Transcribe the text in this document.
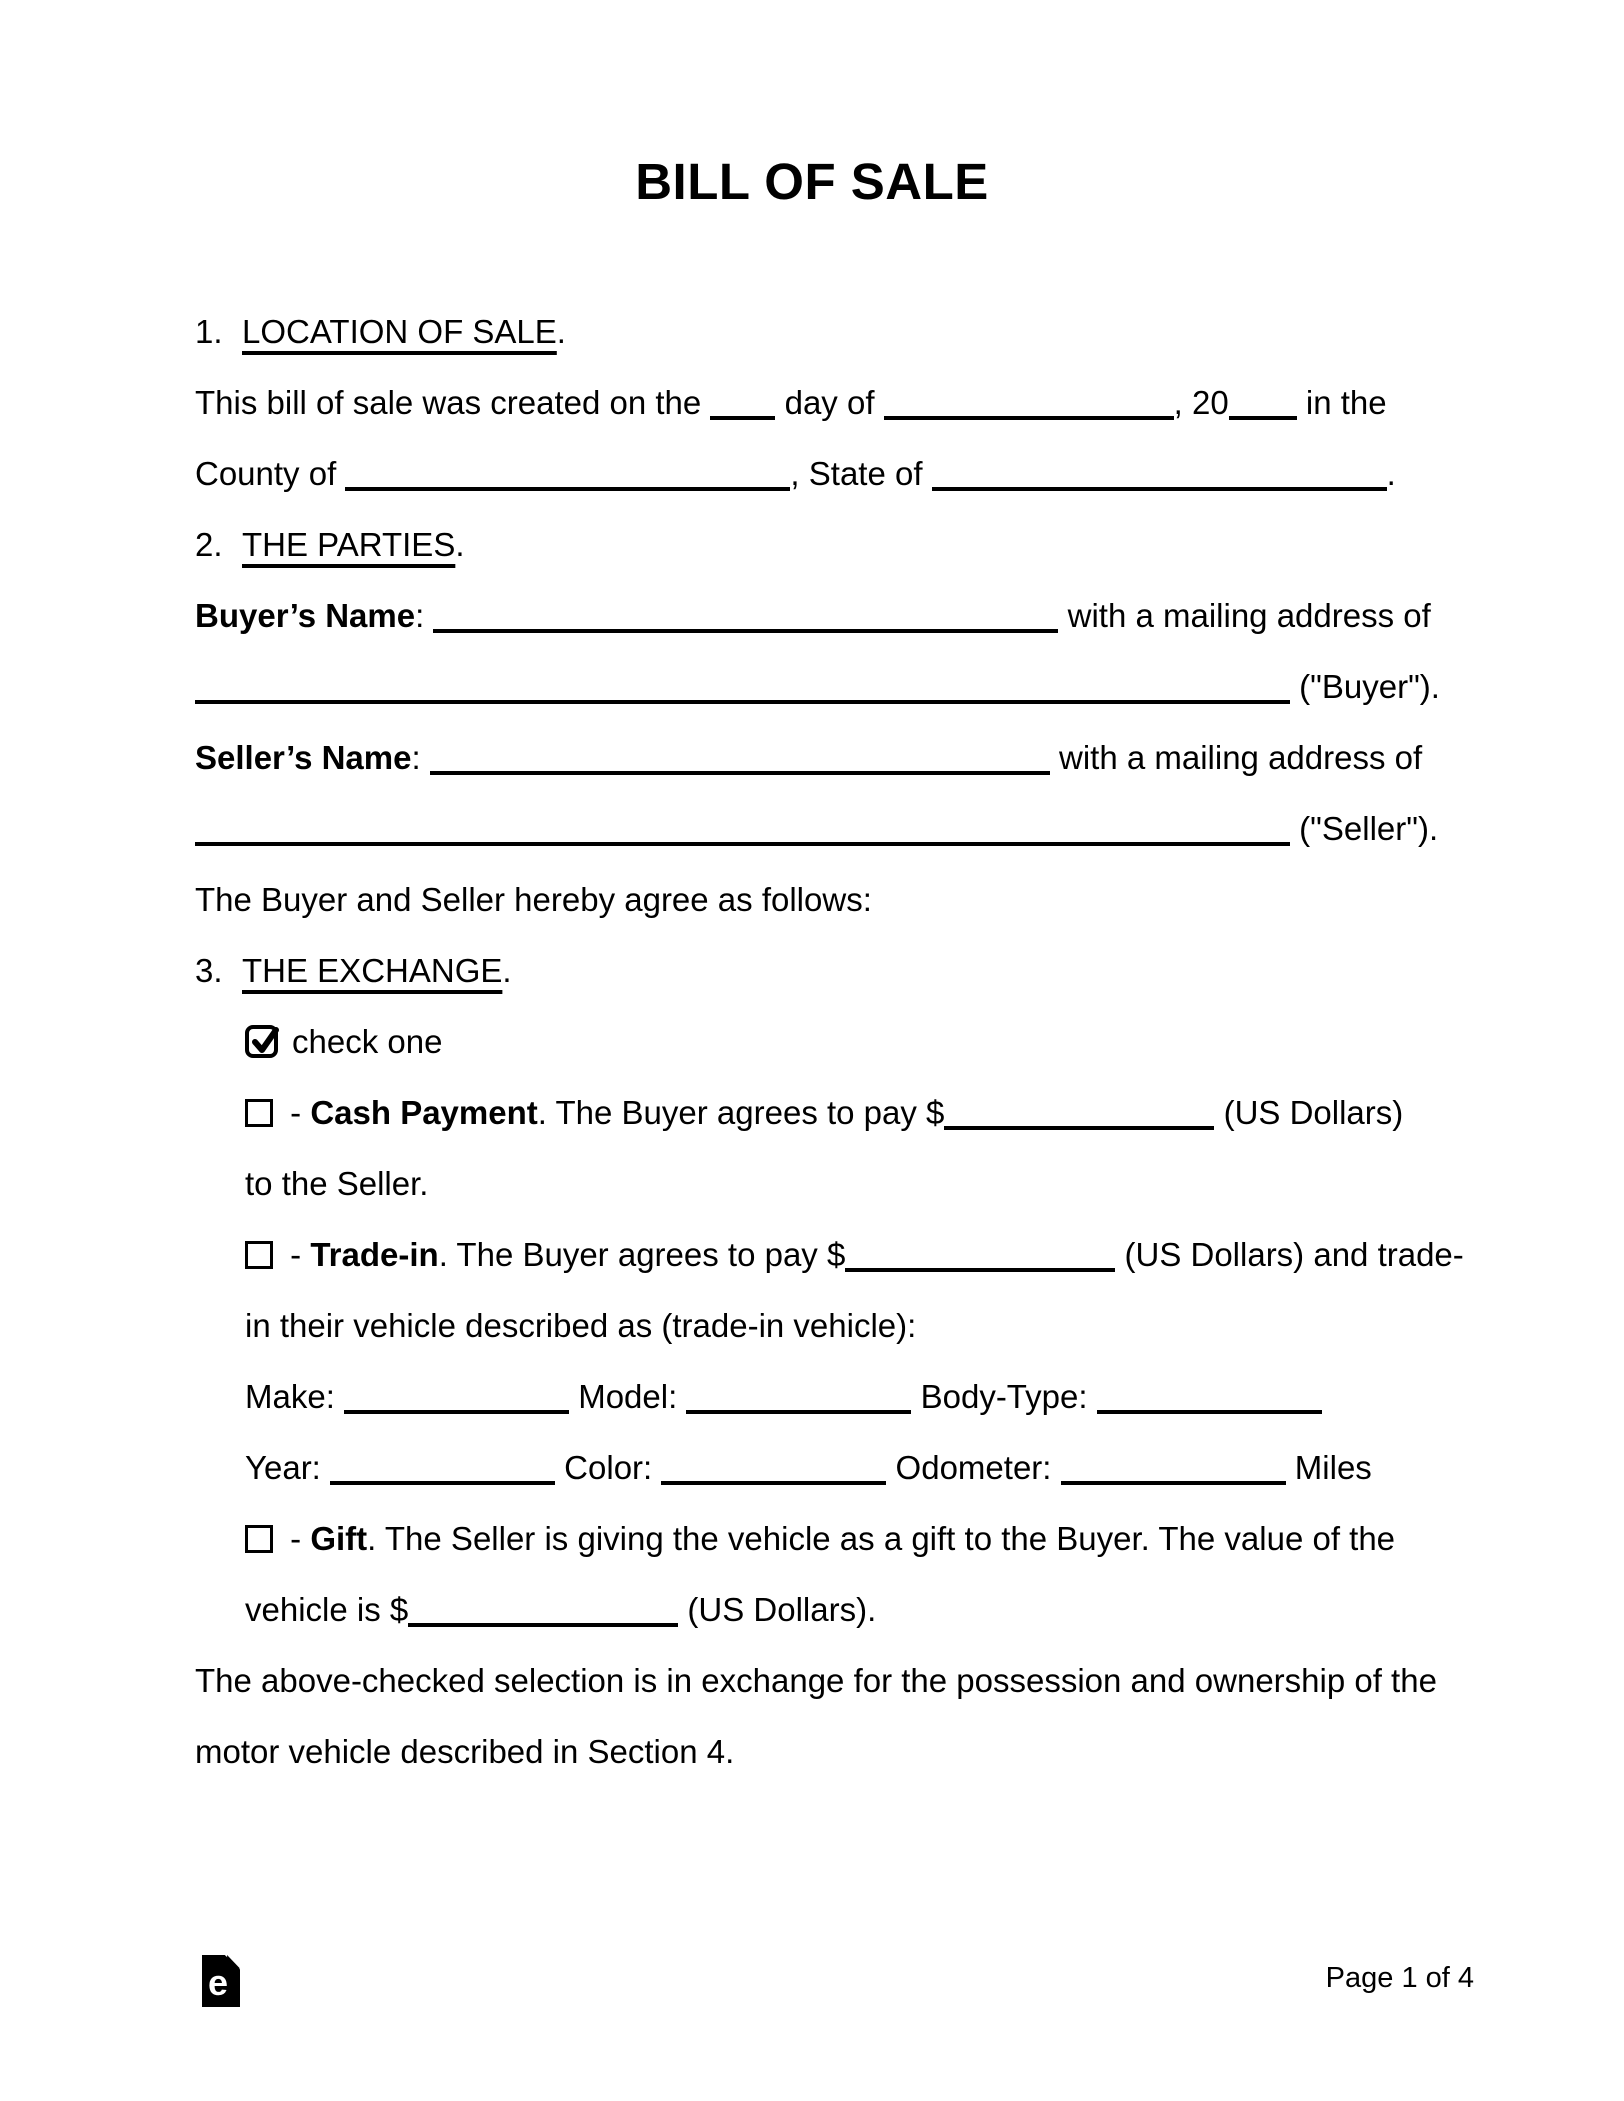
BILL OF SALE
1. LOCATION OF SALE.
This bill of sale was created on the  day of	, 20 in the
County of	, State of	.
2. THE PARTIES.
Buyer’s Name:	with a mailing address of
("Buyer").
Seller’s Name:	with a mailing address of
("Seller").
The Buyer and Seller hereby agree as follows:
3. THE EXCHANGE.
check one
- Cash Payment. The Buyer agrees to pay $	(US Dollars)
to the Seller.
- Trade-in. The Buyer agrees to pay $	(US Dollars) and trade-
in their vehicle described as (trade-in vehicle):
Make:	Model:	Body-Type:
Year:	Color:	Odometer:	Miles
- Gift. The Seller is giving the vehicle as a gift to the Buyer. The value of the
vehicle is $	(US Dollars).
The above-checked selection is in exchange for the possession and ownership of the
motor vehicle described in Section 4.
e	Page 1 of 4
